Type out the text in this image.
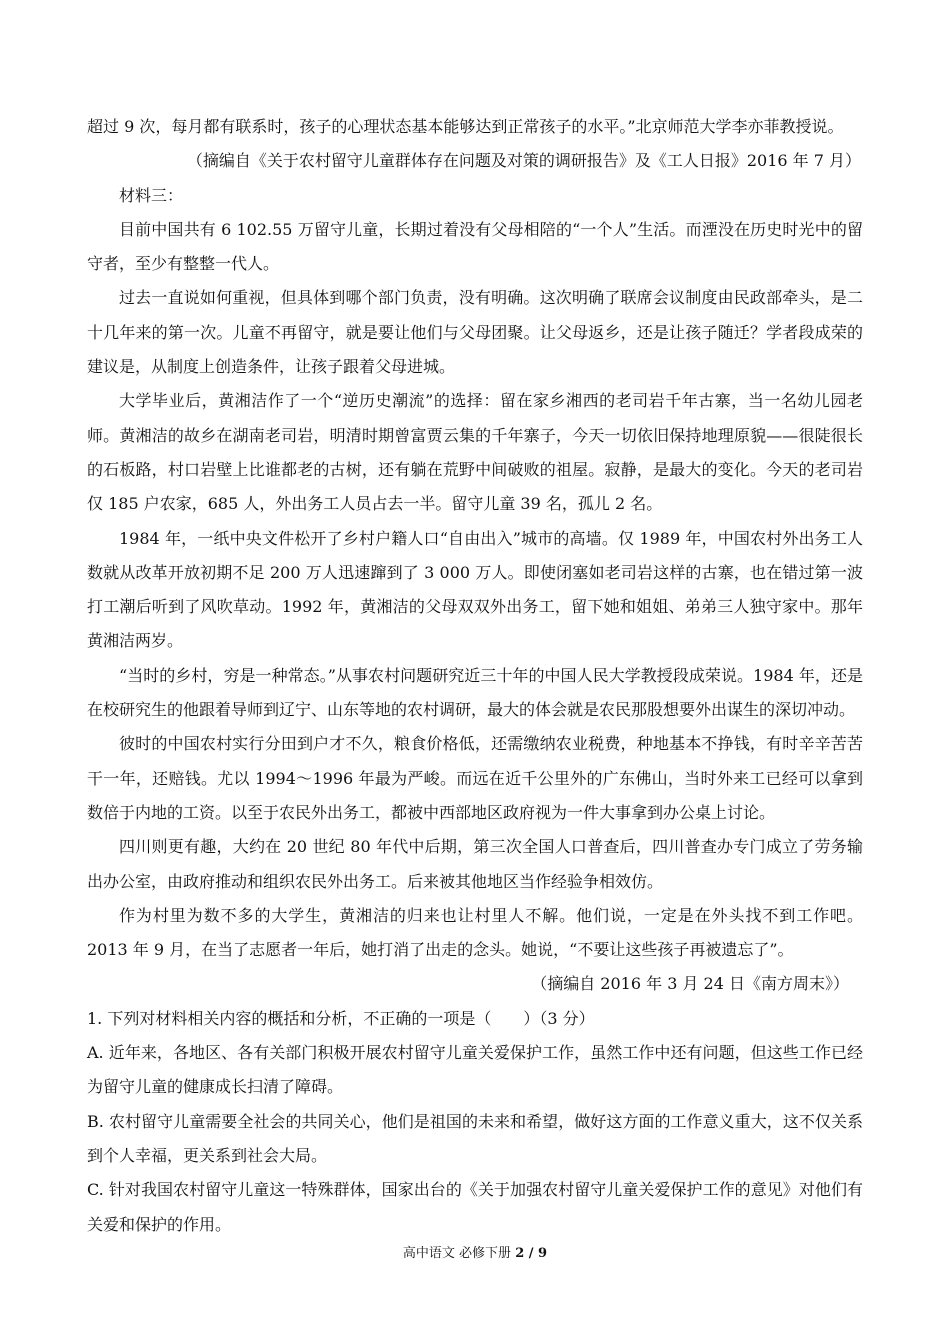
超过 9 次，每月都有联系时，孩子的心理状态基本能够达到正常孩子的水平。”北京师范大学李亦菲教授说。

（摘编自《关于农村留守儿童群体存在问题及对策的调研报告》及《工人日报》2016 年 7 月）

材料三：

目前中国共有 6 102.55 万留守儿童，长期过着没有父母相陪的“一个人”生活。而湮没在历史时光中的留守者，至少有整整一代人。

过去一直说如何重视，但具体到哪个部门负责，没有明确。这次明确了联席会议制度由民政部牵头，是二十几年来的第一次。儿童不再留守，就是要让他们与父母团聚。让父母返乡，还是让孩子随迁？学者段成荣的建议是，从制度上创造条件，让孩子跟着父母进城。

大学毕业后，黄湘洁作了一个“逆历史潮流”的选择：留在家乡湘西的老司岩千年古寨，当一名幼儿园老师。黄湘洁的故乡在湖南老司岩，明清时期曾富贾云集的千年寨子，今天一切依旧保持地理原貌——很陡很长的石板路，村口岩壁上比谁都老的古树，还有躺在荒野中间破败的祖屋。寂静，是最大的变化。今天的老司岩仅 185 户农家，685 人，外出务工人员占去一半。留守儿童 39 名，孤儿 2 名。

1984 年，一纸中央文件松开了乡村户籍人口“自由出入”城市的高墙。仅 1989 年，中国农村外出务工人数就从改革开放初期不足 200 万人迅速蹿到了 3 000 万人。即使闭塞如老司岩这样的古寨，也在错过第一波打工潮后听到了风吹草动。1992 年，黄湘洁的父母双双外出务工，留下她和姐姐、弟弟三人独守家中。那年黄湘洁两岁。

“当时的乡村，穷是一种常态。”从事农村问题研究近三十年的中国人民大学教授段成荣说。1984 年，还是在校研究生的他跟着导师到辽宁、山东等地的农村调研，最大的体会就是农民那股想要外出谋生的深切冲动。

彼时的中国农村实行分田到户才不久，粮食价格低，还需缴纳农业税费，种地基本不挣钱，有时辛辛苦苦干一年，还赔钱。尤以 1994～1996 年最为严峻。而远在近千公里外的广东佛山，当时外来工已经可以拿到数倍于内地的工资。以至于农民外出务工，都被中西部地区政府视为一件大事拿到办公桌上讨论。

四川则更有趣，大约在 20 世纪 80 年代中后期，第三次全国人口普查后，四川普查办专门成立了劳务输出办公室，由政府推动和组织农民外出务工。后来被其他地区当作经验争相效仿。

作为村里为数不多的大学生，黄湘洁的归来也让村里人不解。他们说，一定是在外头找不到工作吧。2013 年 9 月，在当了志愿者一年后，她打消了出走的念头。她说，“不要让这些孩子再被遗忘了”。

（摘编自 2016 年 3 月 24 日《南方周末》）

1. 下列对材料相关内容的概括和分析，不正确的一项是（　　）（3 分）

A. 近年来，各地区、各有关部门积极开展农村留守儿童关爱保护工作，虽然工作中还有问题，但这些工作已经为留守儿童的健康成长扫清了障碍。

B. 农村留守儿童需要全社会的共同关心，他们是祖国的未来和希望，做好这方面的工作意义重大，这不仅关系到个人幸福，更关系到社会大局。

C. 针对我国农村留守儿童这一特殊群体，国家出台的《关于加强农村留守儿童关爱保护工作的意见》对他们有关爱和保护的作用。

高中语文 必修下册 2 / 9
